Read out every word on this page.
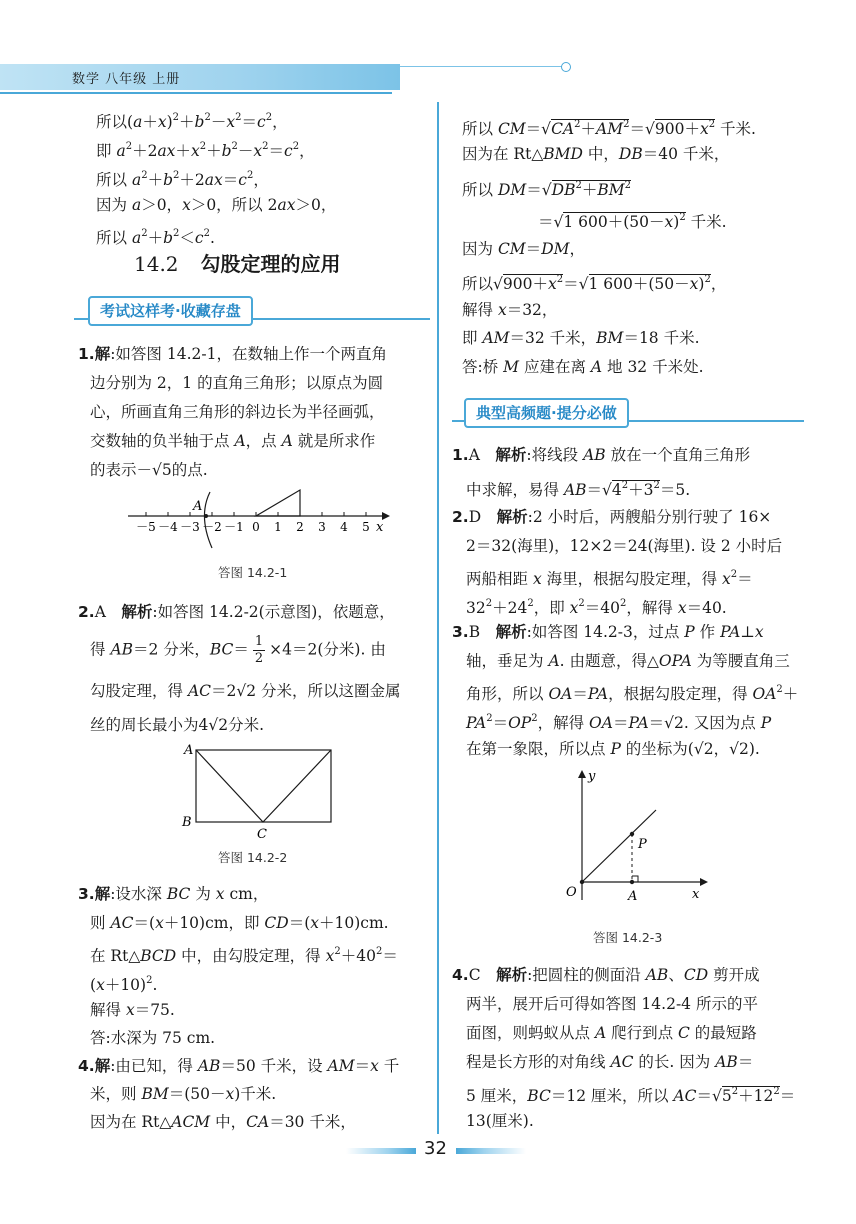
数学 八年级 上册
所以$(a+x)^2+b^2-x^2=c^2$，
即 $a^2+2ax+x^2+b^2-x^2=c^2$，
所以 $a^2+b^2+2ax=c^2$，
因为 a＞0，x＞0，所以 2ax＞0，
所以 $a^2+b^2<c^2$.
14.2 勾股定理的应用
考试这样考·收藏存盘
1.解:如答图 14.2-1，在数轴上作一个两直角
边分别为 2，1 的直角三角形；以原点为圆
心，所画直角三角形的斜边长为半径画弧，
交数轴的负半轴于点 A，点 A 就是所求作
的表示－√5的点.
－5 －4 －3 －2 －1 0 1 2 3 4 5
A
x
答图 14.2-1
2.A　解析:如答图 14.2-2(示意图)，依题意，
得 AB＝2 分米，$BC= \frac{1}{2} \times 4=2$(分米). 由
勾股定理，得 AC＝2√2 分米，所以这圈金属
丝的周长最小为4√2分米.
A
B
C
答图 14.2-2
3.解:设水深 BC 为 x cm，
则 AC＝(x＋10)cm，即 CD＝(x＋10)cm.
在 Rt△BCD 中，由勾股定理，得 $x^2+40^2=$
$(x+10)^2$.
解得 x＝75.
答:水深为 75 cm.
4.解:由已知，得 AB＝50 千米，设 AM＝x 千
米，则 BM＝(50－x)千米.
因为在 Rt△ACM 中，CA＝30 千米，
所以 $CM=√CA^2+AM^2=√900+x^2$ 千米.
因为在 Rt△BMD 中，DB＝40 千米，
所以 $DM=√DB^2+BM^2$
＝√1 $600+(50-x)^2$ 千米.
因为 CM＝DM，
所以$√900+x^2=√1$ $600+(50-x)^2$，
解得 x＝32，
即 AM＝32 千米，BM＝18 千米.
答:桥 M 应建在离 A 地 32 千米处.
典型高频题·提分必做
1.A　解析:将线段 AB 放在一个直角三角形
中求解，易得 $AB=√4^2+3^2=5$.
2.D　解析:2 小时后，两艘船分别行驶了 16×
2＝32(海里)，12×2＝24(海里). 设 2 小时后
两船相距 x 海里，根据勾股定理，得 $x^2=$
$32^2+24^2$，即 $x^2=40^2$，解得 x＝40.
3.B　解析:如答图 14.2-3，过点 P 作 PA⊥x
轴，垂足为 A. 由题意，得△OPA 为等腰直角三
角形，所以 OA＝PA，根据勾股定理，得 $OA^2+$
$PA^2=OP^2$，解得 OA＝PA＝√2. 又因为点 P
在第一象限，所以点 P 的坐标为(√2，√2).
y
x
O	A
P
答图 14.2-3
4.C　解析:把圆柱的侧面沿 AB、CD 剪开成
两半，展开后可得如答图 14.2-4 所示的平
面图，则蚂蚁从点 A 爬行到点 C 的最短路
程是长方形的对角线 AC 的长. 因为 AB＝
5 厘米，BC＝12 厘米，所以 $AC=√5^2+12^2=$
13(厘米).
32
